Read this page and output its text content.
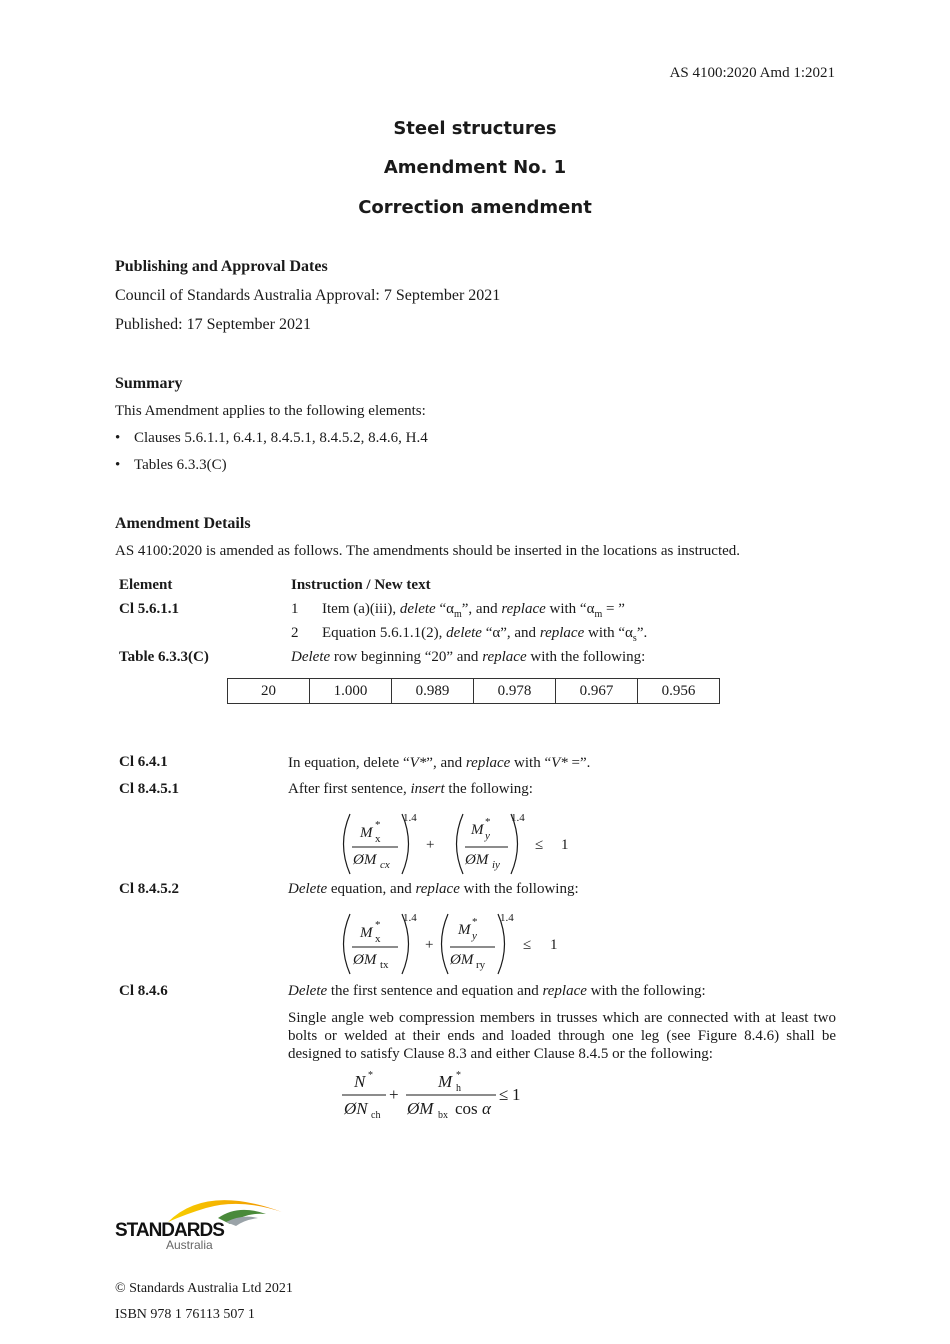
AS 4100:2020 Amd 1:2021
Steel structures
Amendment No. 1
Correction amendment
Publishing and Approval Dates
Council of Standards Australia Approval: 7 September 2021
Published: 17 September 2021
Summary
This Amendment applies to the following elements:
• Clauses 5.6.1.1, 6.4.1, 8.4.5.1, 8.4.5.2, 8.4.6, H.4
• Tables 6.3.3(C)
Amendment Details
AS 4100:2020 is amended as follows. The amendments should be inserted in the locations as instructed.
Element	Instruction / New text
Cl 5.6.1.1	1 Item (a)(iii), delete “$\alpha_m$”, and replace with “$\alpha_m$ = ”
2 Equation 5.6.1.1(2), delete “α”, and replace with “$\alpha_s$”.
Table 6.3.3(C)	Delete row beginning “20” and replace with the following:
20	1.000	0.989	0.978	0.967	0.956
Cl 6.4.1	In equation, delete “V*”, and replace with “V* =”.
Cl 8.4.5.1	After first sentence, insert the following:
M *
x
ØM cx
1.4
+
M *
y
ØM iy
1.4
≤ 1
Cl 8.4.5.2	Delete equation, and replace with the following:
M *
x
ØM tx
1.4
+
M *
y
ØM ry
1.4
≤ 1
Cl 8.4.6	Delete the first sentence and equation and replace with the following:
Single angle web compression members in trusses which are connected with at least two bolts or welded at their ends and loaded through one leg (see Figure 8.4.6) shall be designed to satisfy Clause 8.3 and either Clause 8.4.5 or the following:
N *
ØN ch
+
M *
h
ØM bx cos α
≤ 1
STANDARDS
Australia
© Standards Australia Ltd 2021
ISBN 978 1 76113 507 1
